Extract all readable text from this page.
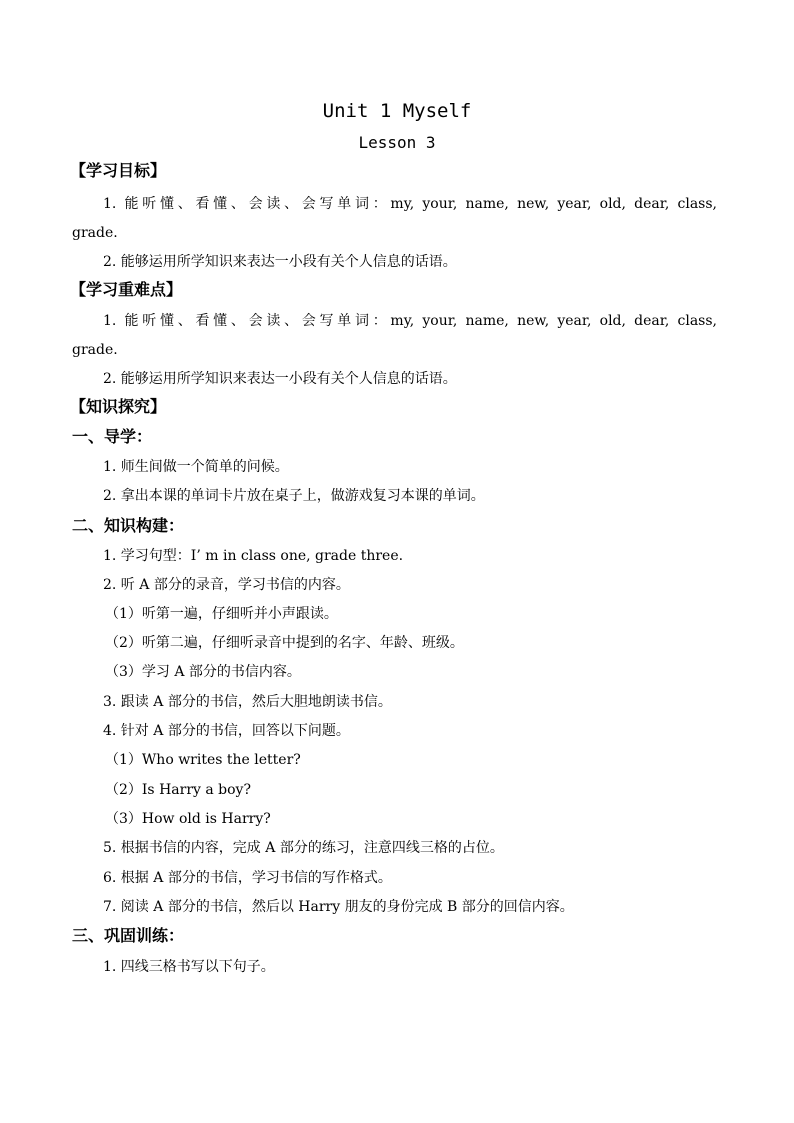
Unit 1 Myself
Lesson 3
【学习目标】
1. 能听懂、看懂、会读、会写单词：my, your, name, new, year, old, dear, class,
grade.
2. 能够运用所学知识来表达一小段有关个人信息的话语。
【学习重难点】
1. 能听懂、看懂、会读、会写单词：my, your, name, new, year, old, dear, class,
grade.
2. 能够运用所学知识来表达一小段有关个人信息的话语。
【知识探究】
一、导学：
1. 师生间做一个简单的问候。
2. 拿出本课的单词卡片放在桌子上，做游戏复习本课的单词。
二、知识构建：
1. 学习句型：I’ m in class one, grade three.
2. 听 A 部分的录音，学习书信的内容。
（1）听第一遍，仔细听并小声跟读。
（2）听第二遍，仔细听录音中提到的名字、年龄、班级。
（3）学习 A 部分的书信内容。
3. 跟读 A 部分的书信，然后大胆地朗读书信。
4. 针对 A 部分的书信，回答以下问题。
（1）Who writes the letter?
（2）Is Harry a boy?
（3）How old is Harry?
5. 根据书信的内容，完成 A 部分的练习，注意四线三格的占位。
6. 根据 A 部分的书信，学习书信的写作格式。
7. 阅读 A 部分的书信，然后以 Harry 朋友的身份完成 B 部分的回信内容。
三、巩固训练：
1. 四线三格书写以下句子。
